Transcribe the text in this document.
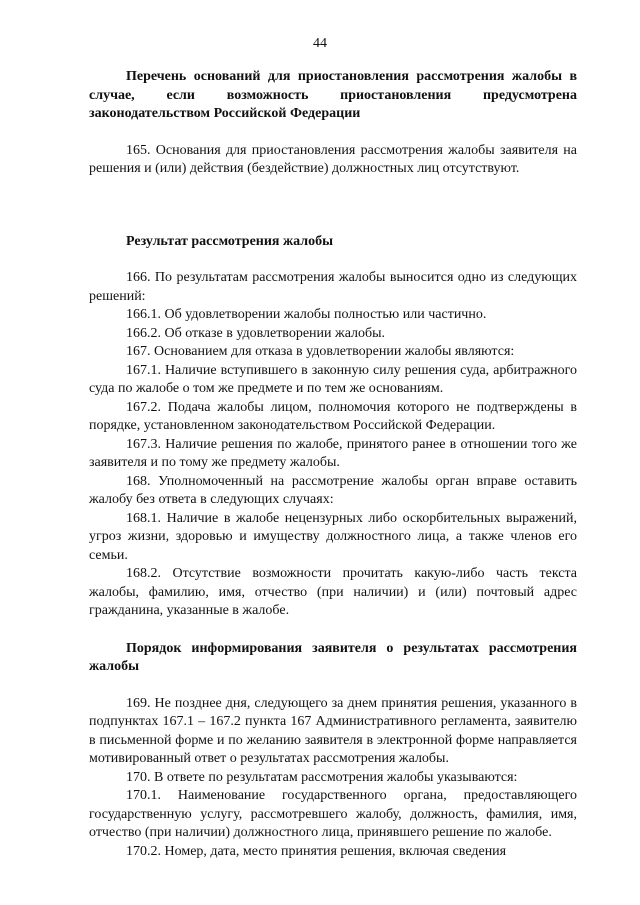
44
Перечень оснований для приостановления рассмотрения жалобы в случае, если возможность приостановления предусмотрена законодательством Российской Федерации

165. Основания для приостановления рассмотрения жалобы заявителя на решения и (или) действия (бездействие) должностных лиц отсутствуют.

Результат рассмотрения жалобы

166. По результатам рассмотрения жалобы выносится одно из следующих решений:

166.1. Об удовлетворении жалобы полностью или частично.

166.2. Об отказе в удовлетворении жалобы.

167. Основанием для отказа в удовлетворении жалобы являются:

167.1. Наличие вступившего в законную силу решения суда, арбитражного суда по жалобе о том же предмете и по тем же основаниям.

167.2. Подача жалобы лицом, полномочия которого не подтверждены в порядке, установленном законодательством Российской Федерации.

167.3. Наличие решения по жалобе, принятого ранее в отношении того же заявителя и по тому же предмету жалобы.

168. Уполномоченный на рассмотрение жалобы орган вправе оставить жалобу без ответа в следующих случаях:

168.1. Наличие в жалобе нецензурных либо оскорбительных выражений, угроз жизни, здоровью и имуществу должностного лица, а также членов его семьи.

168.2. Отсутствие возможности прочитать какую-либо часть текста жалобы, фамилию, имя, отчество (при наличии) и (или) почтовый адрес гражданина, указанные в жалобе.

Порядок информирования заявителя о результатах рассмотрения жалобы

169. Не позднее дня, следующего за днем принятия решения, указанного в подпунктах 167.1 – 167.2 пункта 167 Административного регламента, заявителю в письменной форме и по желанию заявителя в электронной форме направляется мотивированный ответ о результатах рассмотрения жалобы.

170. В ответе по результатам рассмотрения жалобы указываются:

170.1. Наименование государственного органа, предоставляющего государственную услугу, рассмотревшего жалобу, должность, фамилия, имя, отчество (при наличии) должностного лица, принявшего решение по жалобе.

170.2. Номер, дата, место принятия решения, включая сведения
